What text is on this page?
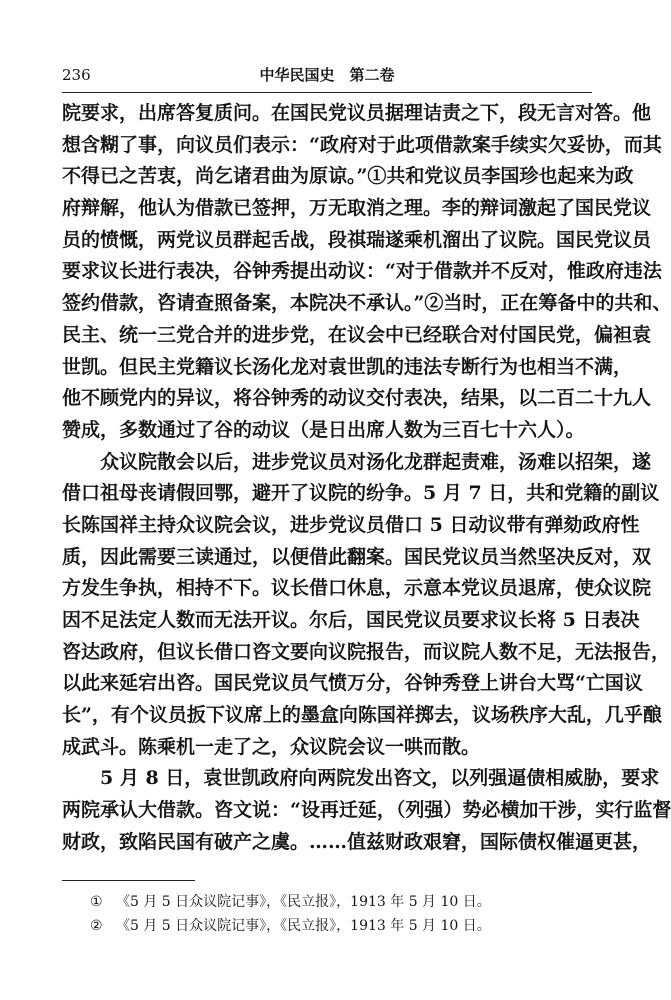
236	中华民国史　第二卷
院要求，出席答复质问。在国民党议员据理诘责之下，段无言对答。他
想含糊了事，向议员们表示：“政府对于此项借款案手续实欠妥协，而其
不得已之苦衷，尚乞诸君曲为原谅。”①共和党议员李国珍也起来为政
府辩解，他认为借款已签押，万无取消之理。李的辩词激起了国民党议
员的愤慨，两党议员群起舌战，段祺瑞遂乘机溜出了议院。国民党议员
要求议长进行表决，谷钟秀提出动议：“对于借款并不反对，惟政府违法
签约借款，咨请查照备案，本院决不承认。”②当时，正在筹备中的共和、
民主、统一三党合并的进步党，在议会中已经联合对付国民党，偏袒袁
世凯。但民主党籍议长汤化龙对袁世凯的违法专断行为也相当不满，
他不顾党内的异议，将谷钟秀的动议交付表决，结果，以二百二十九人
赞成，多数通过了谷的动议（是日出席人数为三百七十六人）。
　　众议院散会以后，进步党议员对汤化龙群起责难，汤难以招架，遂
借口祖母丧请假回鄂，避开了议院的纷争。5 月 7 日，共和党籍的副议
长陈国祥主持众议院会议，进步党议员借口 5 日动议带有弹劾政府性
质，因此需要三读通过，以便借此翻案。国民党议员当然坚决反对，双
方发生争执，相持不下。议长借口休息，示意本党议员退席，使众议院
因不足法定人数而无法开议。尔后，国民党议员要求议长将 5 日表决
咨达政府，但议长借口咨文要向议院报告，而议院人数不足，无法报告，
以此来延宕出咨。国民党议员气愤万分，谷钟秀登上讲台大骂“亡国议
长”，有个议员扳下议席上的墨盒向陈国祥掷去，议场秩序大乱，几乎酿
成武斗。陈乘机一走了之，众议院会议一哄而散。
　　5 月 8 日，袁世凯政府向两院发出咨文，以列强逼债相威胁，要求
两院承认大借款。咨文说：“设再迁延，（列强）势必横加干涉，实行监督
财政，致陷民国有破产之虞。……值兹财政艰窘，国际债权催逼更甚，
① 《5 月 5 日众议院记事》，《民立报》，1913 年 5 月 10 日。
② 《5 月 5 日众议院记事》，《民立报》，1913 年 5 月 10 日。
